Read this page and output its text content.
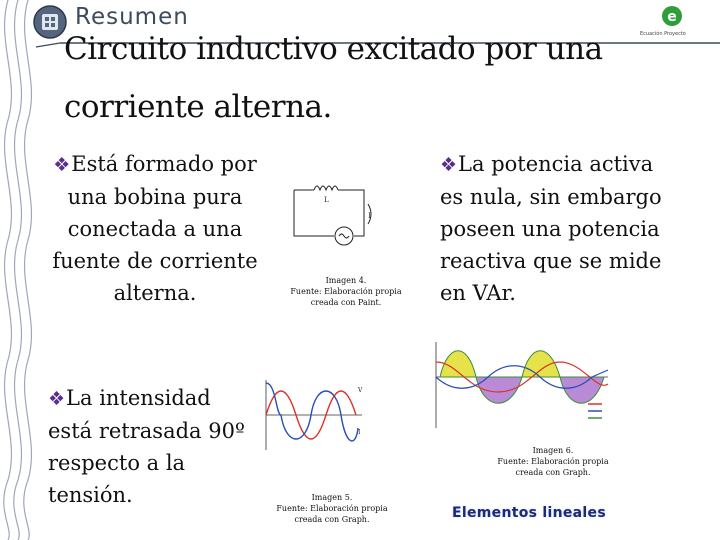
Resumen	e
Ecuación Proyecto
Circuito inductivo excitado por una corriente alterna.
❖Está formado por una bobina pura conectada a una fuente de corriente alterna.
❖La potencia activa es nula, sin embargo poseen una potencia reactiva que se mide en VAr.
❖La intensidad está retrasada 90º respecto a la tensión.
L
I
Imagen 4.
Fuente: Elaboración propia
creada con Paint.
V
I
Imagen 5.
Fuente: Elaboración propia
creada con Graph.
Imagen 6.
Fuente: Elaboración propia
creada con Graph.
Elementos lineales
